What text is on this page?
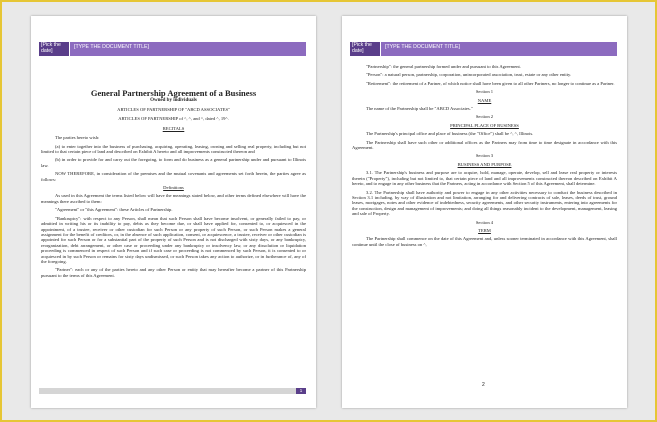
[Pick the date]
[TYPE THE DOCUMENT TITLE]
General Partnership Agreement of a Business
Owned by individuals
ARTICLES OF PARTNERSHIP OF "ABCD ASSOCIATES"
ARTICLES OF PARTNERSHIP of ^, ^, and ^, dated ^, 19^.
RECITALS

The parties hereto wish:

(a) to enter together into the business of purchasing, acquiring, operating, leasing, owning and selling real property, including but not limited to that certain piece of land and described on Exhibit A hereto and all improvements constructed thereon and

(b) in order to provide for and carry out the foregoing, to form and do business as a general partnership under and pursuant to Illinois law.

NOW THEREFORE, in consideration of the premises and the mutual covenants and agreements set forth herein, the parties agree as follows:

Definitions

As used in this Agreement the terms listed below will have the meanings stated below, and other terms defined elsewhere will have the meanings there ascribed to them:

"Agreement" or "this Agreement": these Articles of Partnership.

"Bankruptcy": with respect to any Person, shall mean that such Person shall have become insolvent, or generally failed to pay, or admitted in writing his or its inability to pay, debts as they become due, or shall have applied for, consented to, or acquiesced in the appointment, of a trustee, receiver or other custodian for such Person or any property of such Person, or such Person makes a general assignment for the benefit of creditors, or, in the absence of such application, consent, or acquiescence, a trustee, receiver or other custodian is appointed for such Person or for a substantial part of the property of such Person and is not discharged with sixty days, or any bankruptcy, reorganization, debt arrangement, or other case or proceeding under any bankruptcy or insolvency law, or any dissolution or liquidation proceeding is commenced in respect of such Person and if such case or proceeding is not commenced by such Person, it is consented to or acquiesced in by such Person or remains for sixty days undismissed, or such Person takes any action to authorize, or in furtherance of, any of the foregoing.

"Partner": each or any of the parties hereto and any other Person or entity that may hereafter become a partner of this Partnership pursuant to the terms of this Agreement.

1
[Pick the date]
[TYPE THE DOCUMENT TITLE]

"Partnership": the general partnership formed under and pursuant to this Agreement.

"Person": a natural person, partnership, corporation, unincorporated association, trust, estate or any other entity.

"Retirement": the retirement of a Partner, of which notice shall have been given to all other Partners, no longer to continue as a Partner.

Section 1
NAME

The name of the Partnership shall be "ABCD Associates."

Section 2
PRINCIPAL PLACE OF BUSINESS

The Partnership's principal office and place of business (the "Office") shall be ^, ^, Illinois.

The Partnership shall have such other or additional offices as the Partners may from time to time designate in accordance with this Agreement.

Section 3
BUSINESS AND PURPOSE

3.1. The Partnership's business and purpose are to acquire, hold, manage, operate, develop, sell and lease real property or interests therein ("Property"), including but not limited to, that certain piece of land and all improvements constructed thereon described on Exhibit A hereto, and to engage in any other business that the Partners, acting in accordance with Section 5 of this Agreement, shall determine.

3.2. The Partnership shall have authority and power to engage in any other activities necessary to conduct the business described in Section 3.1 including, by way of illustration and not limitation, arranging for and delivering contracts of sale, leases, deeds of trust, ground leases, mortgages, notes and other evidence of indebtedness, security agreements, and other security instruments, entering into agreements for the construction, design and management of improvements; and doing all things reasonably incident to the development, management, leasing and sale of Property.

Section 4
TERM

The Partnership shall commence on the date of this Agreement and, unless sooner terminated in accordance with this Agreement, shall continue until the close of business on ^,

2
